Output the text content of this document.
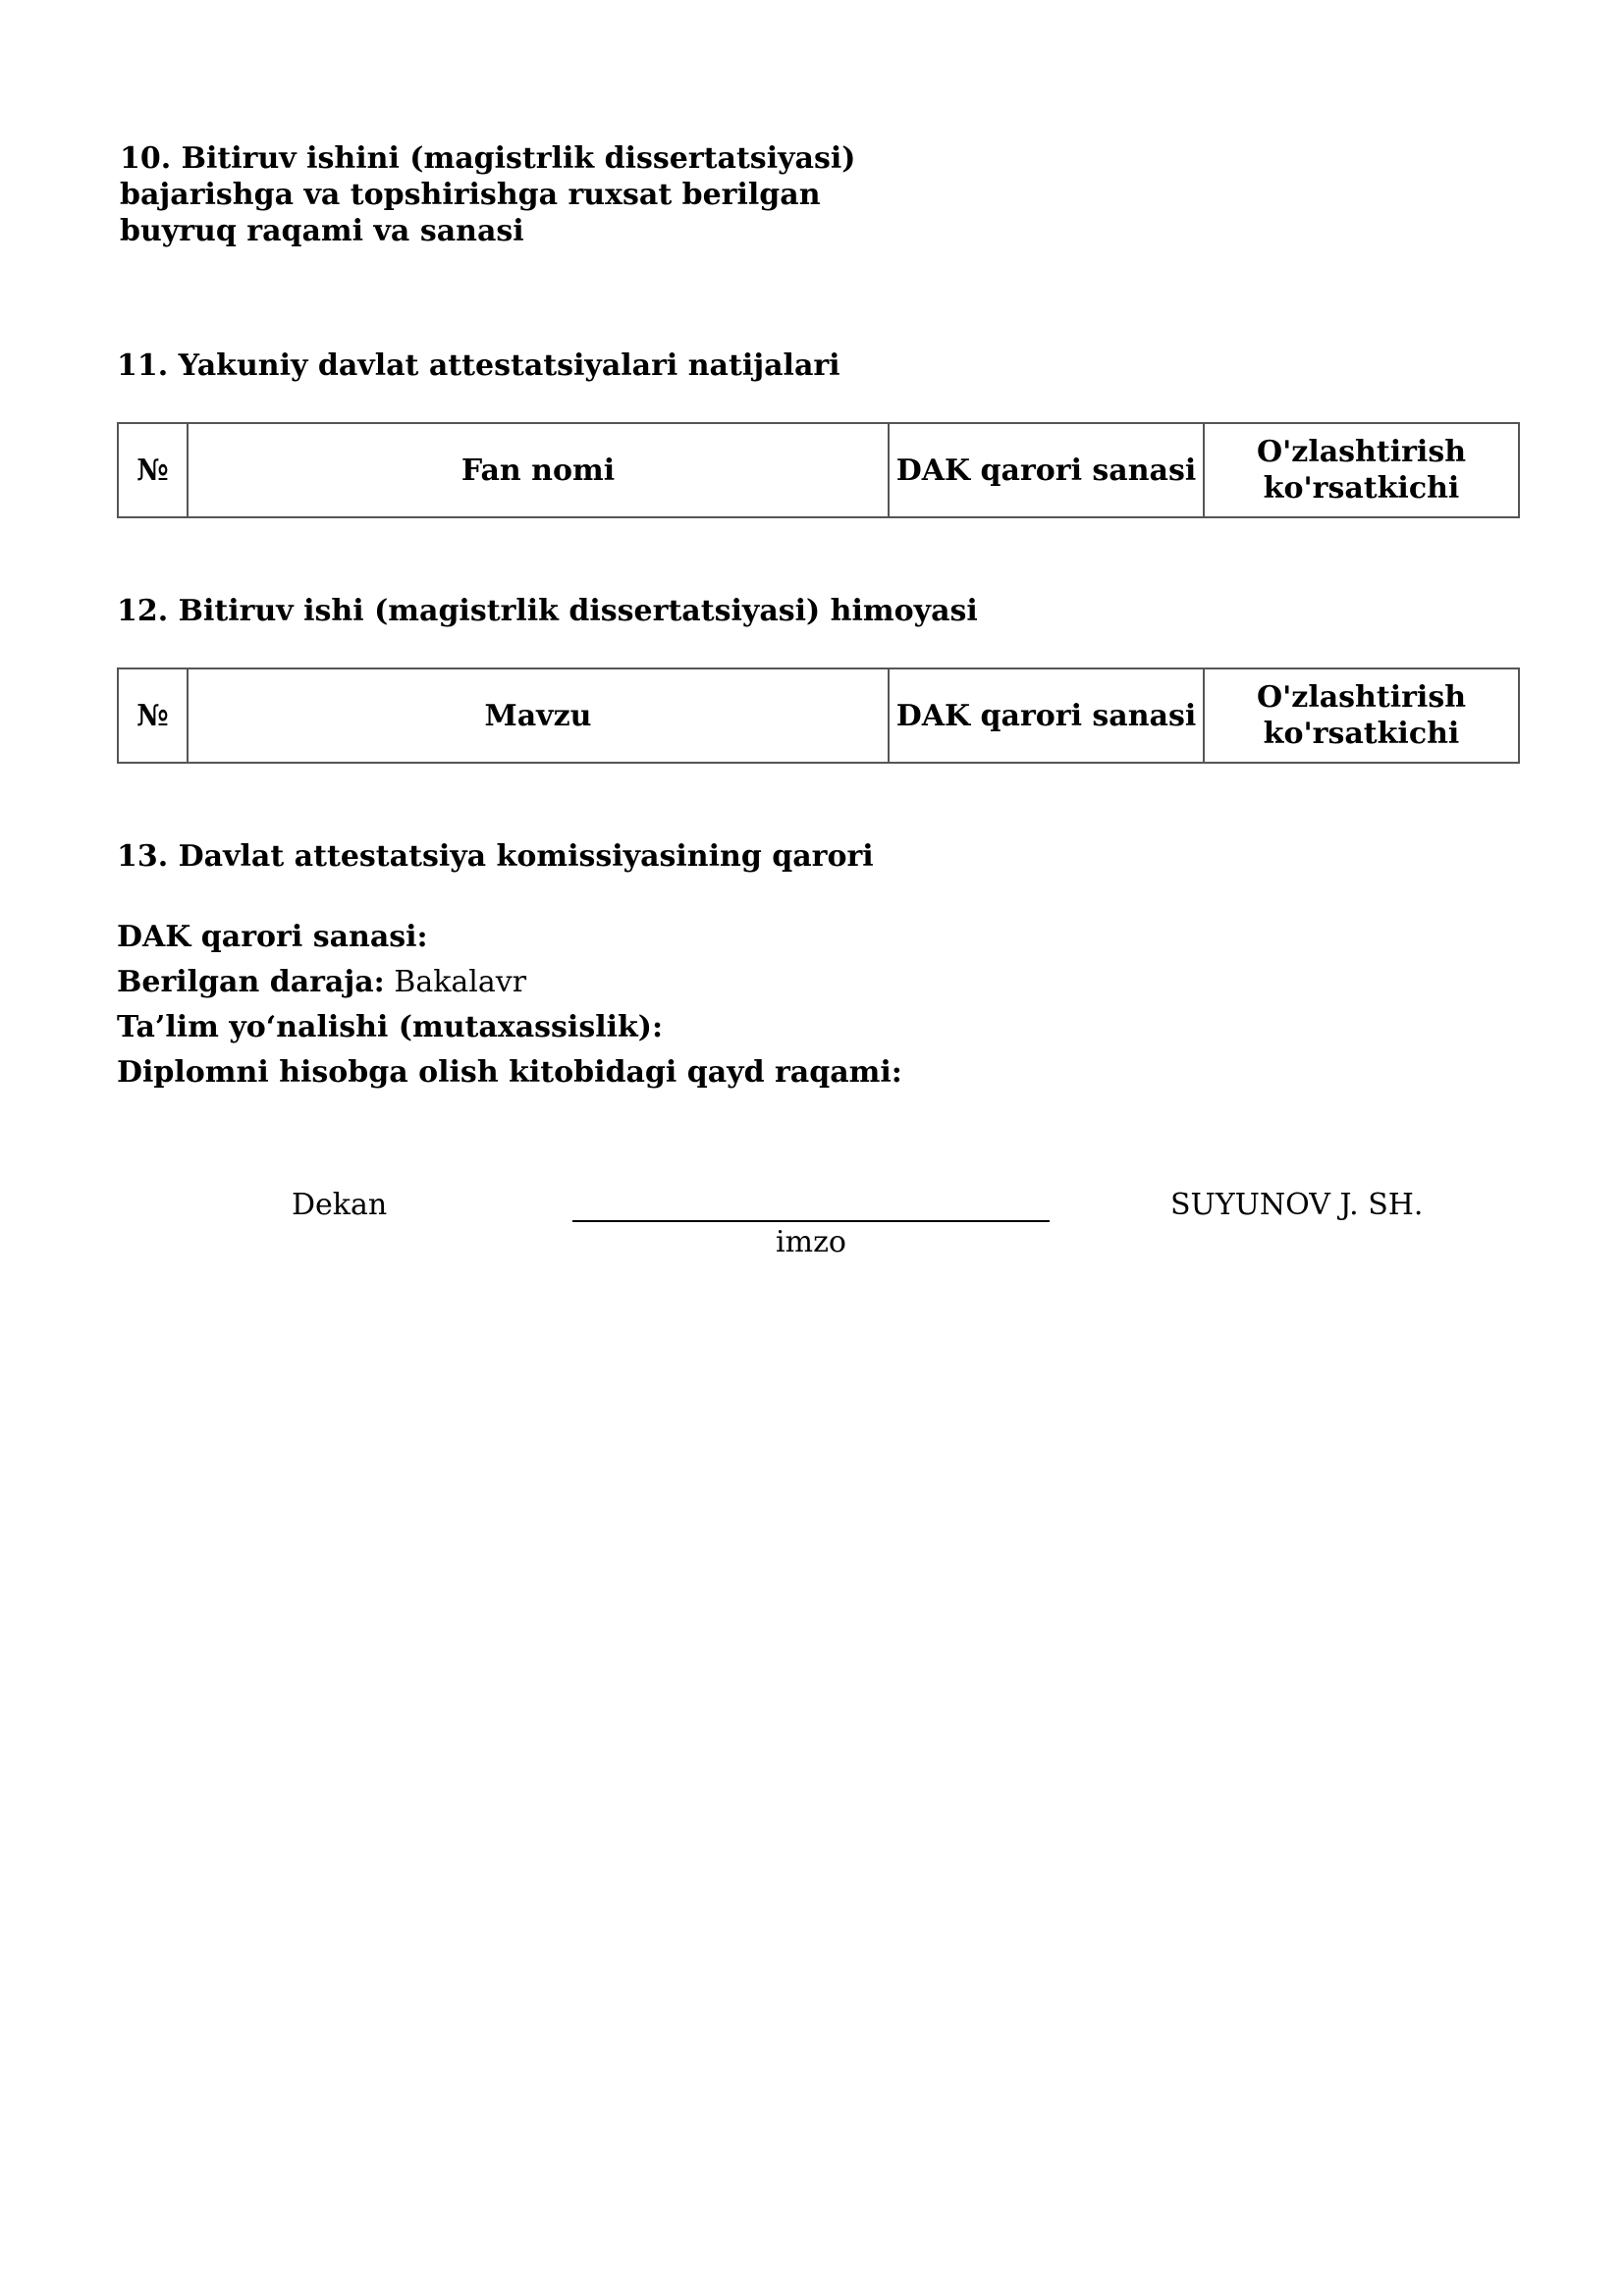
10. Bitiruv ishini (magistrlik dissertatsiyasi)
bajarishga va topshirishga ruxsat berilgan
buyruq raqami va sanasi
11. Yakuniy davlat attestatsiyalari natijalari
№	Fan nomi	DAK qarori sanasi	O'zlashtirish ko'rsatkichi
12. Bitiruv ishi (magistrlik dissertatsiyasi) himoyasi
№	Mavzu	DAK qarori sanasi	O'zlashtirish ko'rsatkichi
13. Davlat attestatsiya komissiyasining qarori
DAK qarori sanasi:
Berilgan daraja: Bakalavr
Ta’lim yo‘nalishi (mutaxassislik):
Diplomni hisobga olish kitobidagi qayd raqami:
Dekan
imzo
SUYUNOV J. SH.
